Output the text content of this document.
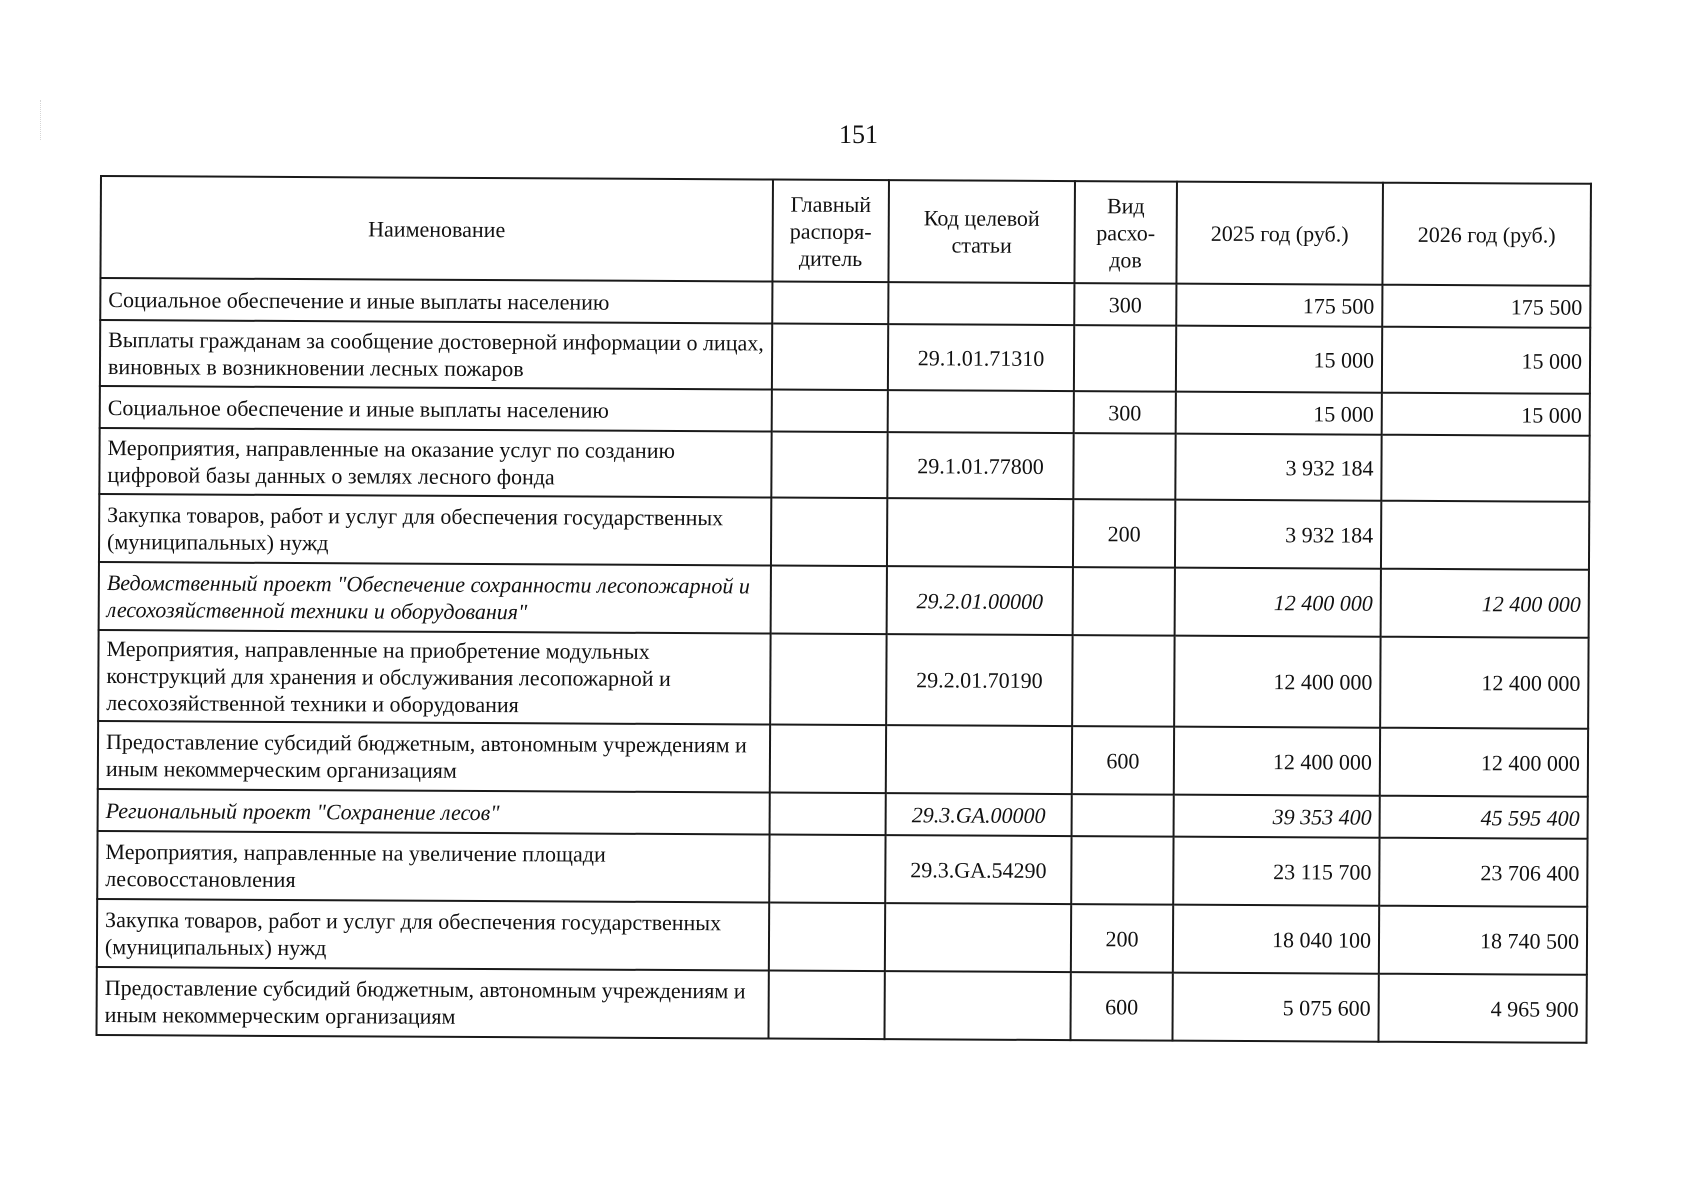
151
Наименование	Главный распоря-дитель	Код целевой статьи	Вид расхо-дов	2025 год (руб.)	2026 год (руб.)
Социальное обеспечение и иные выплаты населению			300	175 500	175 500
Выплаты гражданам за сообщение достоверной информации о лицах, виновных в возникновении лесных пожаров		29.1.01.71310		15 000	15 000
Социальное обеспечение и иные выплаты населению			300	15 000	15 000
Мероприятия, направленные на оказание услуг по созданию цифровой базы данных о землях лесного фонда		29.1.01.77800		3 932 184	
Закупка товаров, работ и услуг для обеспечения государственных (муниципальных) нужд			200	3 932 184	
Ведомственный проект "Обеспечение сохранности лесопожарной и лесохозяйственной техники и оборудования"		29.2.01.00000		12 400 000	12 400 000
Мероприятия, направленные на приобретение модульных конструкций для хранения и обслуживания лесопожарной и лесохозяйственной техники и оборудования		29.2.01.70190		12 400 000	12 400 000
Предоставление субсидий бюджетным, автономным учреждениям и иным некоммерческим организациям			600	12 400 000	12 400 000
Региональный проект "Сохранение лесов"		29.3.GA.00000		39 353 400	45 595 400
Мероприятия, направленные на увеличение площади лесовосстановления		29.3.GA.54290		23 115 700	23 706 400
Закупка товаров, работ и услуг для обеспечения государственных (муниципальных) нужд			200	18 040 100	18 740 500
Предоставление субсидий бюджетным, автономным учреждениям и иным некоммерческим организациям			600	5 075 600	4 965 900
